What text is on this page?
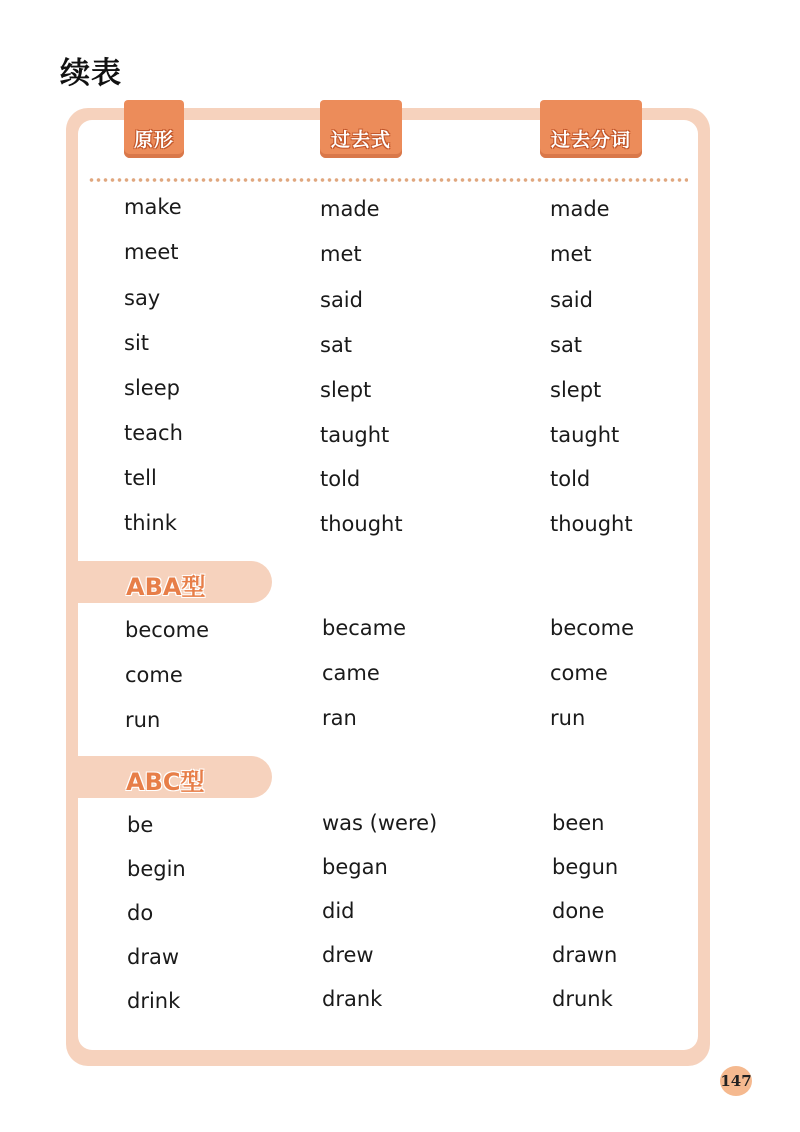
续表
原形	过去式	过去分词
ABA型
ABC型
make	made	made
meet	met	met
say	said	said
sit	sat	sat
sleep	slept	slept
teach	taught	taught
tell	told	told
think	thought	thought
become	became	become
come	came	come
run	ran	run
be	was (were)	been
begin	began	begun
do	did	done
draw	drew	drawn
drink	drank	drunk
147
